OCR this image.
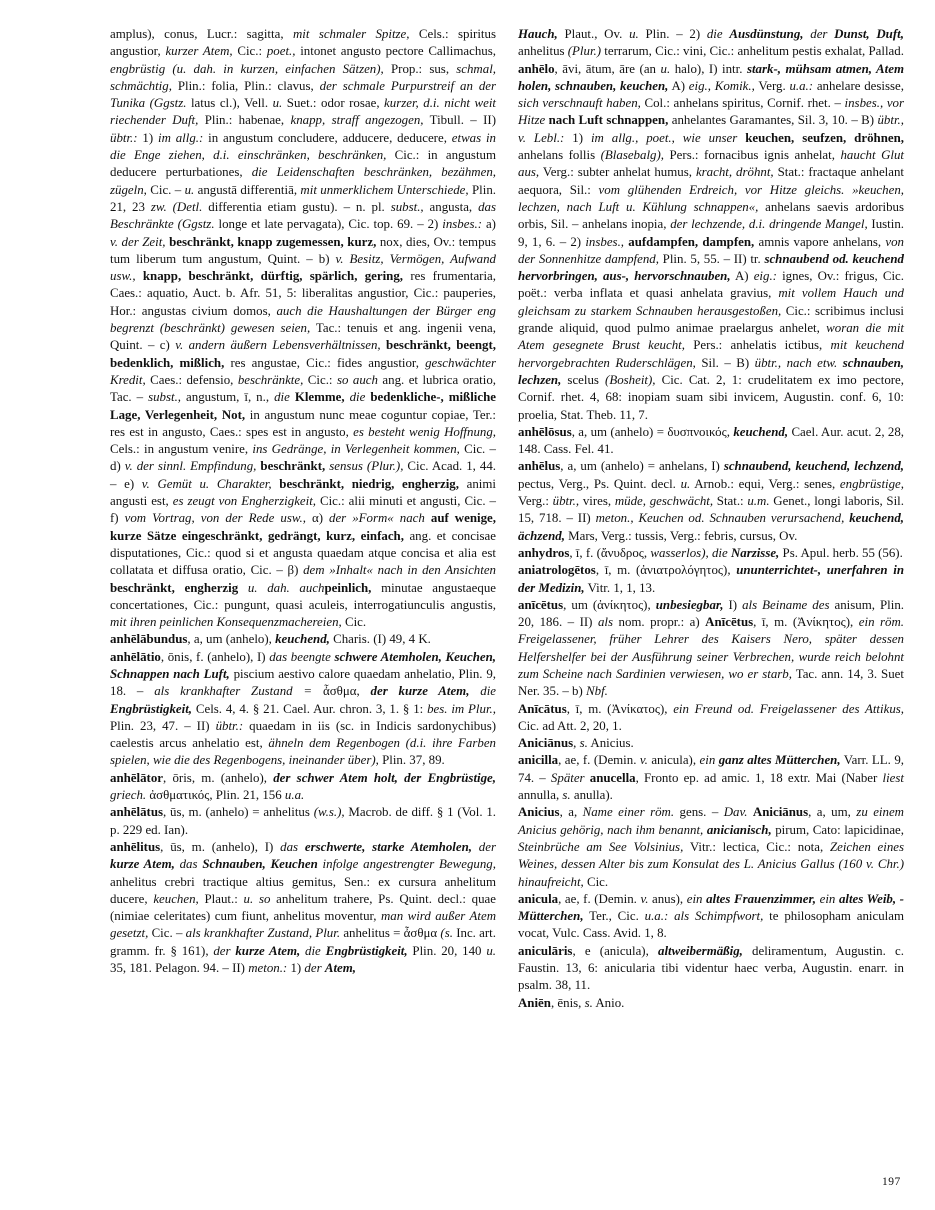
amplus), conus, Lucr.: sagitta, mit schmaler Spitze, Cels.: spiritus angustior, kurzer Atem, Cic.: poet., intonet angusto pectore Callimachus, engbrüstig (u. dah. in kurzen, einfachen Sätzen), Prop.: sus, schmal, schmächtig, Plin.: folia, Plin.: clavus, der schmale Purpurstreif an der Tunika (Ggstz. latus cl.), Vell. u. Suet.: odor rosae, kurzer, d.i. nicht weit riechender Duft, Plin.: habenae, knapp, straff angezogen, Tibull. – II) übtr.: 1) im allg.: in angustum concludere, adducere, deducere, etwas in die Enge ziehen, d.i. einschränken, beschränken, Cic.: in angustum deducere perturbationes, die Leidenschaften beschränken, bezähmen, zügeln, Cic. – u. angustā differentiā, mit unmerklichem Unterschiede, Plin. 21, 23 zw. (Detl. differentia etiam gustu). – n. pl. subst., angusta, das Beschränkte (Ggstz. longe et late pervagata), Cic. top. 69. – 2) insbes.: a) v. der Zeit, beschränkt, knapp zugemessen, kurz, nox, dies, Ov.: tempus tum liberum tum angustum, Quint. – b) v. Besitz, Vermögen, Aufwand usw., knapp, beschränkt, dürftig, spärlich, gering, res frumentaria, Caes.: aquatio, Auct. b. Afr. 51, 5: liberalitas angustior, Cic.: pauperies, Hor.: angustas civium domos, auch die Haushaltungen der Bürger eng begrenzt (beschränkt) gewesen seien, Tac.: tenuis et ang. ingenii vena, Quint. – c) v. andern äußern Lebensverhältnissen, beschränkt, beengt, bedenklich, mißlich, res angustae, Cic.: fides angustior, geschwächter Kredit, Caes.: defensio, beschränkte, Cic.: so auch ang. et lubrica oratio, Tac. – subst., angustum, ī, n., die Klemme, die bedenkliche-, mißliche Lage, Verlegenheit, Not, in angustum nunc meae coguntur copiae, Ter.: res est in angusto, Caes.: spes est in angusto, es besteht wenig Hoffnung, Cels.: in angustum venire, ins Gedränge, in Verlegenheit kommen, Cic. – d) v. der sinnl. Empfindung, beschränkt, sensus (Plur.), Cic. Acad. 1, 44. – e) v. Gemüt u. Charakter, beschränkt, niedrig, engherzig, animi angusti est, es zeugt von Engherzigkeit, Cic.: alii minuti et angusti, Cic. – f) vom Vortrag, von der Rede usw., α) der »Form« nach auf wenige, kurze Sätze eingeschränkt, gedrängt, kurz, einfach, ang. et concisae disputationes, Cic.: quod si et angusta quaedam atque concisa et alia est collatata et diffusa oratio, Cic. – β) dem »Inhalt« nach in den Ansichten beschränkt, engherzig u. dah. auchpeinlich, minutae angustaeque concertationes, Cic.: pungunt, quasi aculeis, interrogatiunculis angustis, mit ihren peinlichen Konsequenzmachereien, Cic.

anhēlābundus, a, um (anhelo), keuchend, Charis. (I) 49, 4 K.

anhēlātio, ōnis, f. (anhelo), I) das beengte schwere Atemholen, Keuchen, Schnappen nach Luft, piscium aestivo calore quaedam anhelatio, Plin. 9, 18. – als krankhafter Zustand = ἆσθμα, der kurze Atem, die Engbrüstigkeit, Cels. 4, 4. § 21. Cael. Aur. chron. 3, 1. § 1: bes. im Plur., Plin. 23, 47. – II) übtr.: quaedam in iis (sc. in Indicis sardonychibus) caelestis arcus anhelatio est, ähneln dem Regenbogen (d.i. ihre Farben spielen, wie die des Regenbogens, ineinander über), Plin. 37, 89.

anhēlātor, ōris, m. (anhelo), der schwer Atem holt, der Engbrüstige, griech. ἀσθματικός, Plin. 21, 156 u.a.

anhēlātus, ūs, m. (anhelo) = anhelitus (w.s.), Macrob. de diff. § 1 (Vol. 1. p. 229 ed. Ian).

anhēlitus, ūs, m. (anhelo), I) das erschwerte, starke Atemholen, der kurze Atem, das Schnauben, Keuchen infolge angestrengter Bewegung, anhelitus crebri tractique altius gemitus, Sen.: ex cursura anhelitum ducere, keuchen, Plaut.: u. so anhelitum trahere, Ps. Quint. decl.: quae (nimiae celeritates) cum fiunt, anhelitus moventur, man wird außer Atem gesetzt, Cic. – als krankhafter Zustand, Plur. anhelitus = ἆσθμα (s. Inc. art. gramm. fr. § 161), der kurze Atem, die Engbrüstigkeit, Plin. 20, 140 u. 35, 181. Pelagon. 94. – II) meton.: 1) der Atem,

Hauch, Plaut., Ov. u. Plin. – 2) die Ausdünstung, der Dunst, Duft, anhelitus (Plur.) terrarum, Cic.: vini, Cic.: anhelitum pestis exhalat, Pallad.

anhēlo, āvi, ātum, āre (an u. halo), I) intr. stark-, mühsam atmen, Atem holen, schnauben, keuchen, A) eig., Komik., Verg. u.a.: anhelare desisse, sich verschnauft haben, Col.: anhelans spiritus, Cornif. rhet. – insbes., vor Hitze nach Luft schnappen, anhelantes Garamantes, Sil. 3, 10. – B) übtr., v. Lebl.: 1) im allg., poet., wie unser keuchen, seufzen, dröhnen, anhelans follis (Blasebalg), Pers.: fornacibus ignis anhelat, haucht Glut aus, Verg.: subter anhelat humus, kracht, dröhnt, Stat.: fractaque anhelant aequora, Sil.: vom glühenden Erdreich, vor Hitze gleichs. »keuchen, lechzen, nach Luft u. Kühlung schnappen«, anhelans saevis ardoribus orbis, Sil. – anhelans inopia, der lechzende, d.i. dringende Mangel, Iustin. 9, 1, 6. – 2) insbes., aufdampfen, dampfen, amnis vapore anhelans, von der Sonnenhitze dampfend, Plin. 5, 55. – II) tr. schnaubend od. keuchend hervorbringen, aus-, hervorschnauben, A) eig.: ignes, Ov.: frigus, Cic. poët.: verba inflata et quasi anhelata gravius, mit vollem Hauch und gleichsam zu starkem Schnauben herausgestoßen, Cic.: scribimus inclusi grande aliquid, quod pulmo animae praelargus anhelet, woran die mit Atem gesegnete Brust keucht, Pers.: anhelatis ictibus, mit keuchend hervorgebrachten Ruderschlägen, Sil. – B) übtr., nach etw. schnauben, lechzen, scelus (Bosheit), Cic. Cat. 2, 1: crudelitatem ex imo pectore, Cornif. rhet. 4, 68: inopiam suam sibi invicem, Augustin. conf. 6, 10: proelia, Stat. Theb. 11, 7.

anhēlōsus, a, um (anhelo) = δυσπνοικός, keuchend, Cael. Aur. acut. 2, 28, 148. Cass. Fel. 41.

anhēlus, a, um (anhelo) = anhelans, I) schnaubend, keuchend, lechzend, pectus, Verg., Ps. Quint. decl. u. Arnob.: equi, Verg.: senes, engbrüstige, Verg.: übtr., vires, müde, geschwächt, Stat.: u.m. Genet., longi laboris, Sil. 15, 718. – II) meton., Keuchen od. Schnauben verursachend, keuchend, ächzend, Mars, Verg.: tussis, Verg.: febris, cursus, Ov.

anhydros, ī, f. (ἄνυδρος, wasserlos), die Narzisse, Ps. Apul. herb. 55 (56).

aniatrologētos, ī, m. (ἀνιατρολόγητος), ununterrichtet-, unerfahren in der Medizin, Vitr. 1, 1, 13.

anīcētus, um (ἀνίκητος), unbesiegbar, I) als Beiname des anisum, Plin. 20, 186. – II) als nom. propr.: a) Anīcētus, ī, m. (Ἀνίκητος), ein röm. Freigelassener, früher Lehrer des Kaisers Nero, später dessen Helfershelfer bei der Ausführung seiner Verbrechen, wurde reich belohnt zum Scheine nach Sardinien verwiesen, wo er starb, Tac. ann. 14, 3. Suet Ner. 35. – b) Nbf.

Anīcātus, ī, m. (Ἀνίκατος), ein Freund od. Freigelassener des Attikus, Cic. ad Att. 2, 20, 1.

Aniciānus, s. Anicius.

anicilla, ae, f. (Demin. v. anicula), ein ganz altes Mütterchen, Varr. LL. 9, 74. – Später anucella, Fronto ep. ad amic. 1, 18 extr. Mai (Naber liest annulla, s. anulla).

Anicius, a, Name einer röm. gens. – Dav. Aniciānus, a, um, zu einem Anicius gehörig, nach ihm benannt, anicianisch, pirum, Cato: lapicidinae, Steinbrüche am See Volsinius, Vitr.: lectica, Cic.: nota, Zeichen eines Weines, dessen Alter bis zum Konsulat des L. Anicius Gallus (160 v. Chr.) hinaufreicht, Cic.

anicula, ae, f. (Demin. v. anus), ein altes Frauenzimmer, ein altes Weib, -Mütterchen, Ter., Cic. u.a.: als Schimpfwort, te philosopham aniculam vocat, Vulc. Cass. Avid. 1, 8.

aniculāris, e (anicula), altweibermäßig, deliramentum, Augustin. c. Faustin. 13, 6: anicularia tibi videntur haec verba, Augustin. enarr. in psalm. 38, 11.

Aniēn, ēnis, s. Anio.

197
